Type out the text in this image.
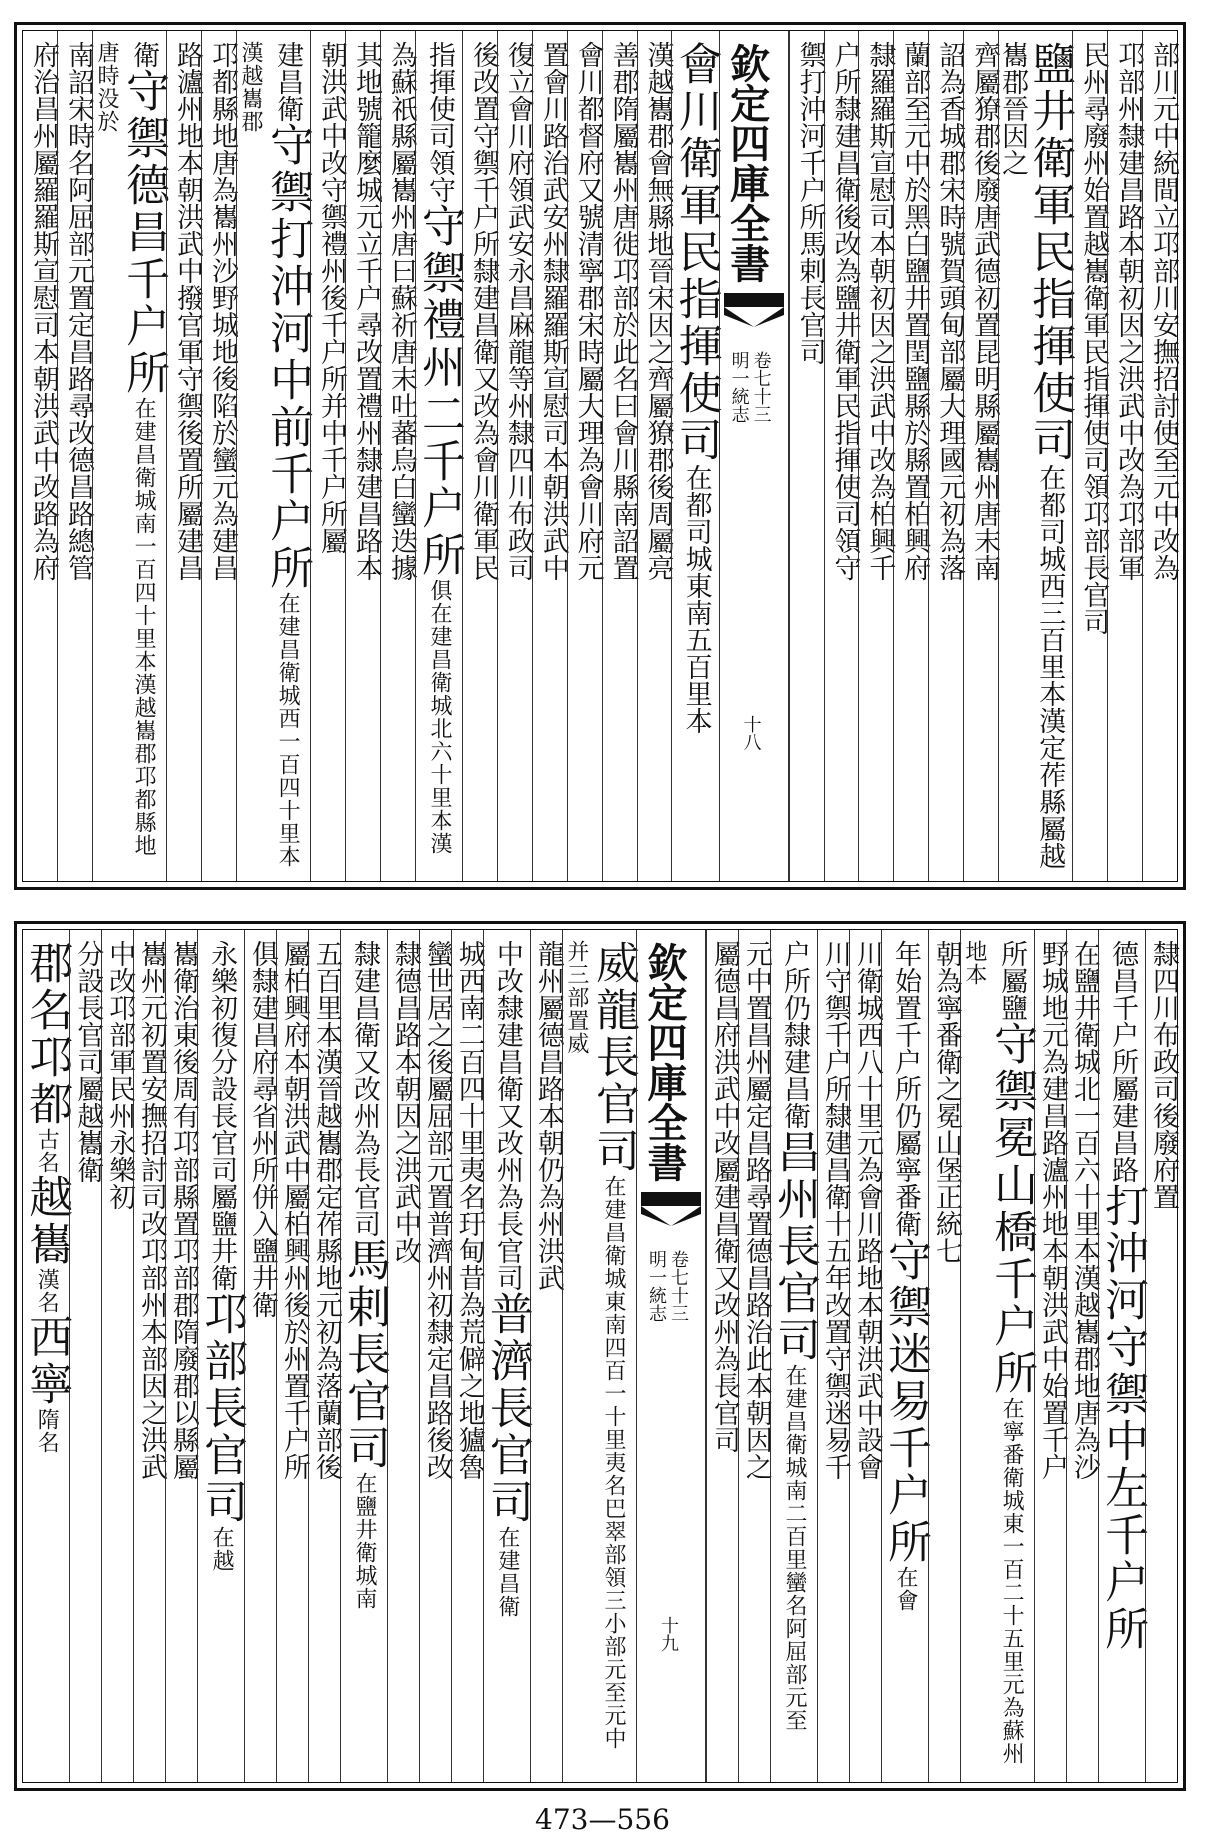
部川元中統間立邛部川安撫招討使至元中改為
邛部州隸建昌路本朝初因之洪武中改為邛部軍
民州尋廢州始置越巂衛軍民指揮使司領邛部長官司
鹽井衛軍民指揮使司在都司城西三百里本漢定莋縣屬越巂郡晉因之
齊屬獠郡後廢唐武德初置昆明縣屬巂州唐末南
詔為香城郡宋時號賀頭甸部屬大理國元初為落
蘭部至元中於黑白鹽井置閏鹽縣於縣置柏興府
隸羅羅斯宣慰司本朝初因之洪武中改為柏興千
户所隸建昌衛後改為鹽井衛軍民指揮使司領守
禦打沖河千户所馬剌長官司
欽定四庫全書
明一統志 卷七十三
十八
會川衛軍民指揮使司在都司城東南五百里本
漢越巂郡會無縣地晉宋因之齊屬獠郡後周屬亮
善郡隋屬巂州唐徙邛部於此名曰會川縣南詔置
會川都督府又號清寧郡宋時屬大理為會川府元
置會川路治武安州隸羅羅斯宣慰司本朝洪武中
復立會川府領武安永昌麻龍等州隸四川布政司
後改置守禦千户所隸建昌衛又改為會川衛軍民
指揮使司領守守禦禮州二千户所俱在建昌衛城北六十里本漢
為蘇祇縣屬巂州唐曰蘇祈唐末吐蕃烏白蠻迭據
其地號籠麼城元立千户尋改置禮州隸建昌路本
朝洪武中改守禦禮州後千户所并中千户所屬
建昌衛守禦打沖河中前千户所在建昌衛城西一百四十里本漢越巂郡
邛都縣地唐為巂州沙野城地後陷於蠻元為建昌
路瀘州地本朝洪武中撥官軍守禦後置所屬建昌
衛守禦德昌千户所在建昌衛城南一百四十里本漢越巂郡邛都縣地唐時没於
南詔宋時名阿屈部元置定昌路尋改德昌路總管
府治昌州屬羅羅斯宣慰司本朝洪武中改路為府
隸四川布政司後廢府置
德昌千户所屬建昌路打沖河守禦中左千户所
在鹽井衛城北一百六十里本漢越巂郡地唐為沙
野城地元為建昌路瀘州地本朝洪武中始置千户
所屬鹽守禦冕山橋千户所在寧番衛城東一百二十五里元為蘇州地本
朝為寧番衛之冕山堡正統七
年始置千户所仍屬寧番衛守禦迷易千户所在會
川衛城西八十里元為會川路地本朝洪武中設會
川守禦千户所隸建昌衛十五年改置守禦迷易千
户所仍隸建昌衛昌州長官司在建昌衛城南二百里蠻名阿屈部元至
元中置昌州屬定昌路尋置德昌路治此本朝因之
屬德昌府洪武中改屬建昌衛又改州為長官司
欽定四庫全書
明一統志 卷七十三
十九
威龍長官司在建昌衛城東南四百一十里夷名巴翠部領三小部元至元中并三部置威
龍州屬德昌路本朝仍為州洪武
中改隸建昌衛又改州為長官司普濟長官司在建昌衛
城西南二百四十里夷名玗甸昔為荒僻之地獹魯
蠻世居之後屬屈部元置普濟州初隸定昌路後改
隸德昌路本朝因之洪武中改
隸建昌衛又改州為長官司馬剌長官司在鹽井衛城南
五百里本漢晉越巂郡定莋縣地元初為落蘭部後
屬柏興府本朝洪武中屬柏興州後於州置千户所
俱隸建昌府尋省州所併入鹽井衛
永樂初復分設長官司屬鹽井衛邛部長官司在越
巂衛治東後周有邛部縣置邛部郡隋廢郡以縣屬
巂州元初置安撫招討司改邛部州本部因之洪武
中改邛部軍民州永樂初
分設長官司屬越巂衛
郡名邛都古名越巂漢名西寧隋名
473—556
